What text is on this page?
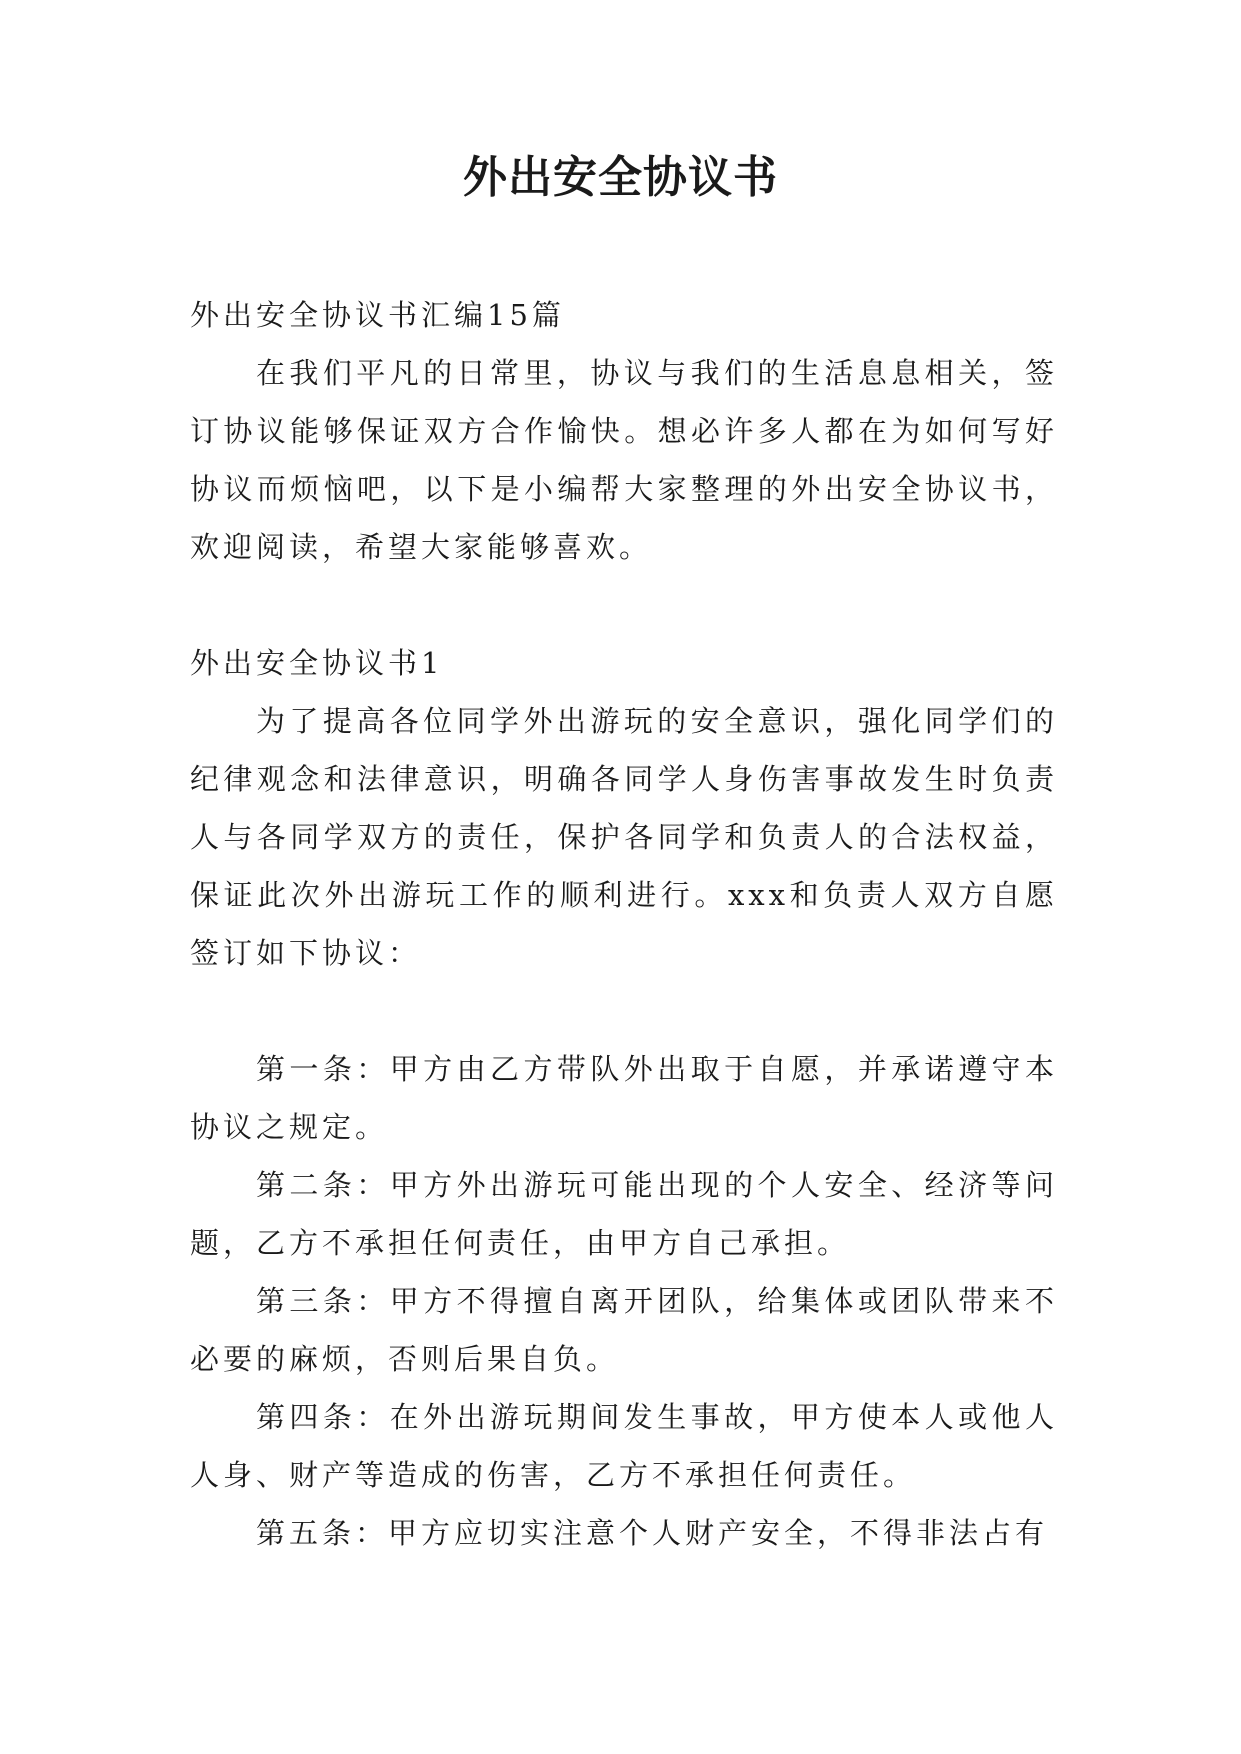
外出安全协议书

外出安全协议书汇编15篇

在我们平凡的日常里，协议与我们的生活息息相关，签订协议能够保证双方合作愉快。想必许多人都在为如何写好协议而烦恼吧，以下是小编帮大家整理的外出安全协议书，欢迎阅读，希望大家能够喜欢。

外出安全协议书1

为了提高各位同学外出游玩的安全意识，强化同学们的纪律观念和法律意识，明确各同学人身伤害事故发生时负责人与各同学双方的责任，保护各同学和负责人的合法权益，保证此次外出游玩工作的顺利进行。xxx和负责人双方自愿签订如下协议：

第一条：甲方由乙方带队外出取于自愿，并承诺遵守本协议之规定。

第二条：甲方外出游玩可能出现的个人安全、经济等问题，乙方不承担任何责任，由甲方自己承担。

第三条：甲方不得擅自离开团队，给集体或团队带来不必要的麻烦，否则后果自负。

第四条：在外出游玩期间发生事故，甲方使本人或他人人身、财产等造成的伤害，乙方不承担任何责任。

第五条：甲方应切实注意个人财产安全，不得非法占有
